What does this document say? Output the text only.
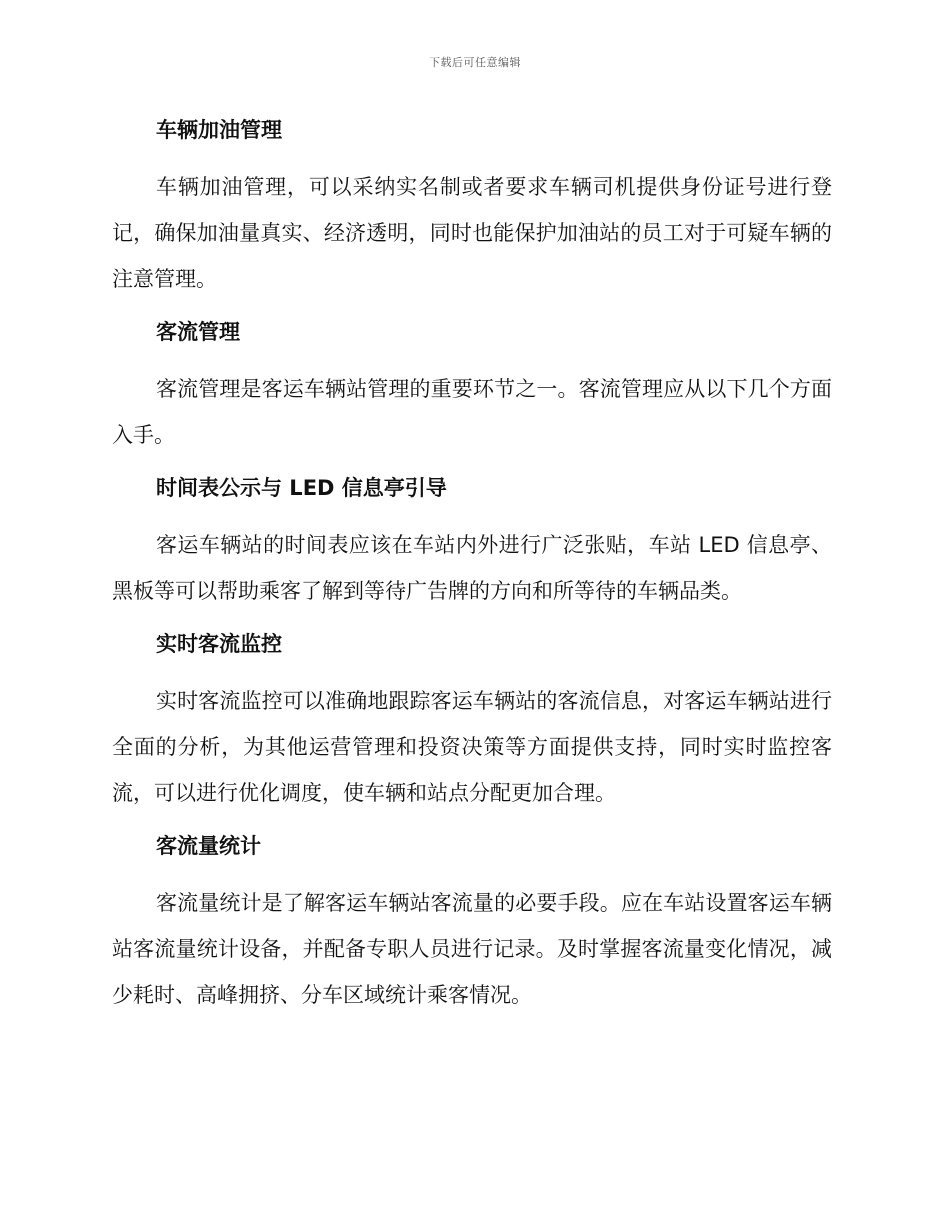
下载后可任意编辑
车辆加油管理

车辆加油管理，可以采纳实名制或者要求车辆司机提供身份证号进行登记，确保加油量真实、经济透明，同时也能保护加油站的员工对于可疑车辆的注意管理。

客流管理

客流管理是客运车辆站管理的重要环节之一。客流管理应从以下几个方面入手。

时间表公示与 LED 信息亭引导

客运车辆站的时间表应该在车站内外进行广泛张贴，车站 LED 信息亭、黑板等可以帮助乘客了解到等待广告牌的方向和所等待的车辆品类。

实时客流监控

实时客流监控可以准确地跟踪客运车辆站的客流信息，对客运车辆站进行全面的分析，为其他运营管理和投资决策等方面提供支持，同时实时监控客流，可以进行优化调度，使车辆和站点分配更加合理。

客流量统计

客流量统计是了解客运车辆站客流量的必要手段。应在车站设置客运车辆站客流量统计设备，并配备专职人员进行记录。及时掌握客流量变化情况，减少耗时、高峰拥挤、分车区域统计乘客情况。
